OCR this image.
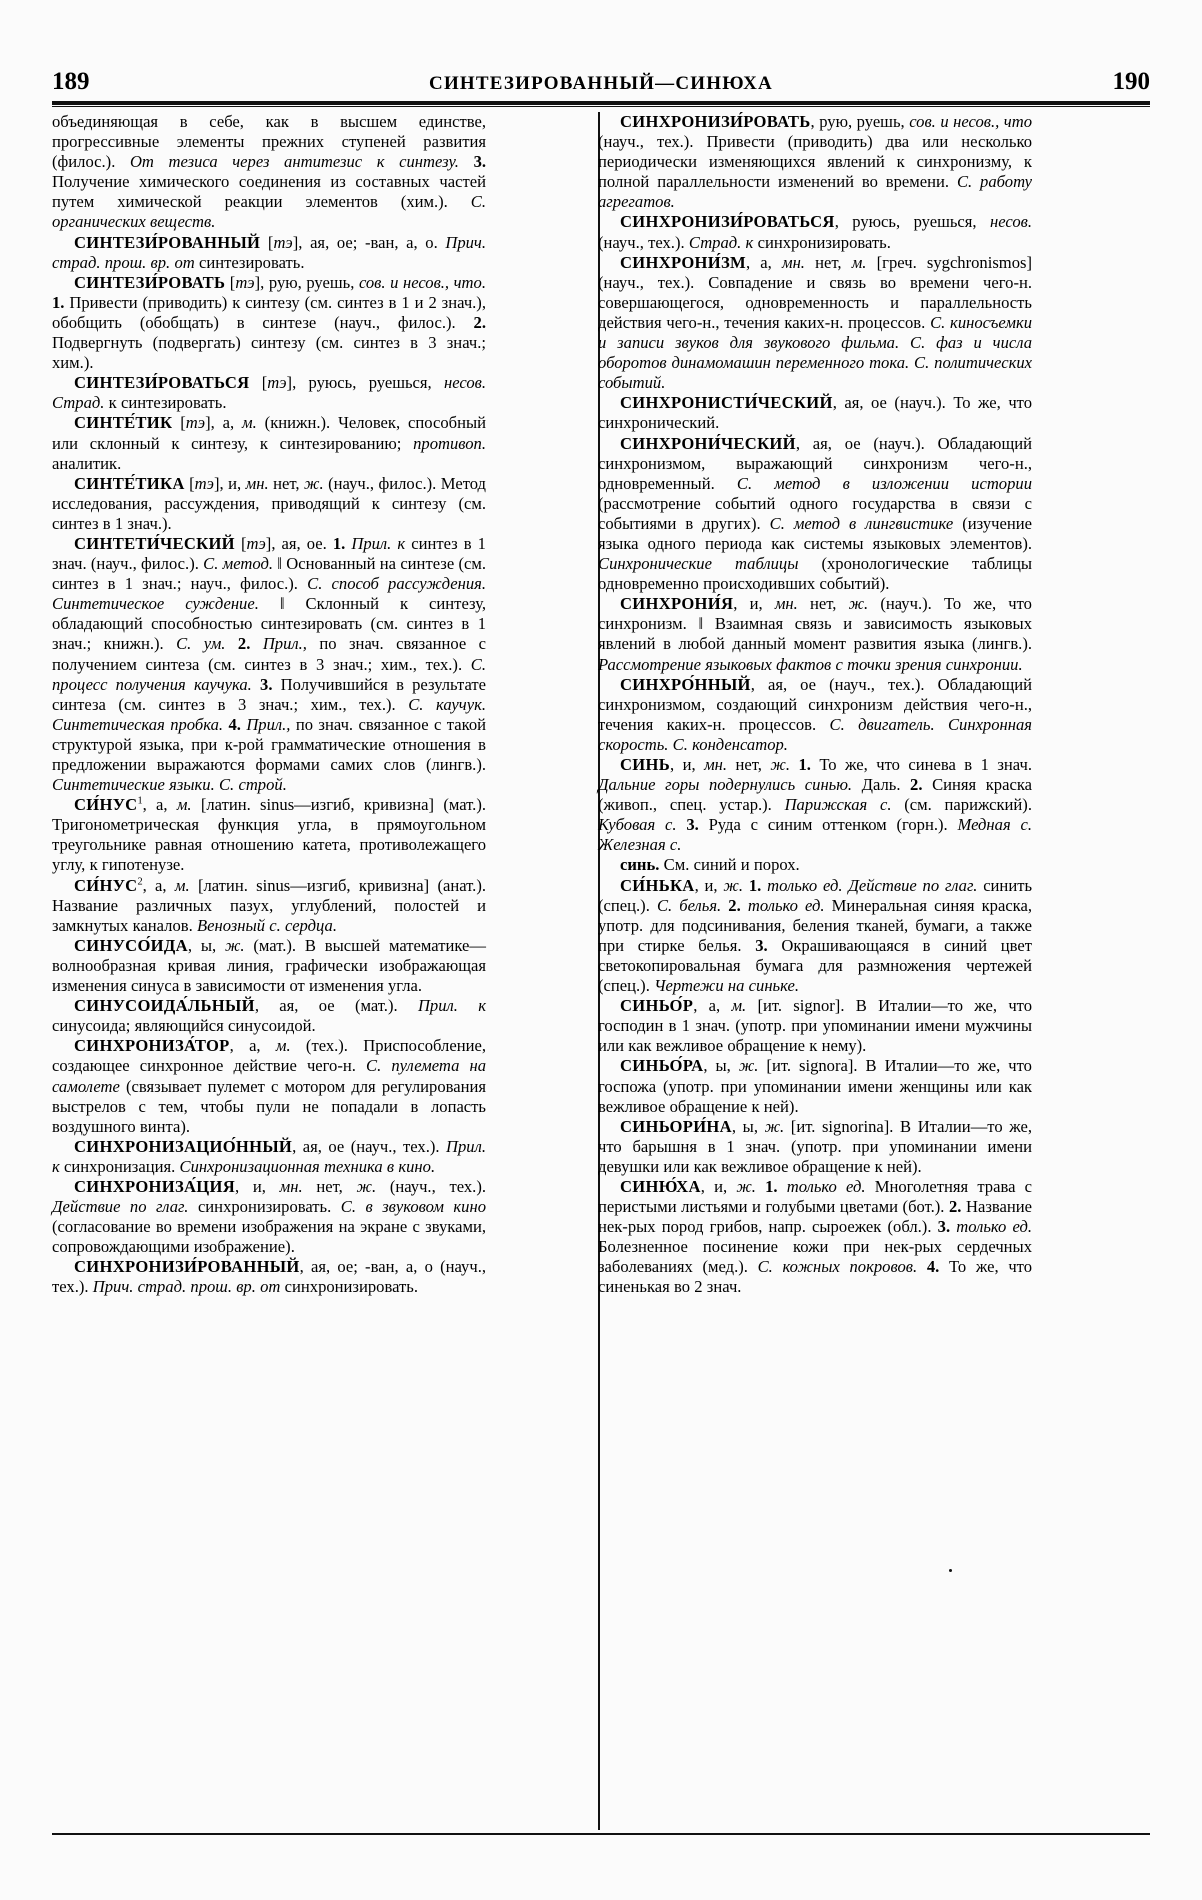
189	СИНТЕЗИРОВАННЫЙ—СИНЮХА	190

объединяющая в себе, как в высшем единстве, прогрессивные элементы прежних ступеней развития (филос.). От тезиса через антитезис к синтезу. 3. Получение химического соединения из составных частей путем химической реакции элементов (хим.). С. органических веществ.

СИНТЕЗИ́РОВАННЫЙ [тэ], ая, ое; -ван, а, о. Прич. страд. прош. вр. от синтезировать.

СИНТЕЗИ́РОВАТЬ [тэ], рую, руешь, сов. и несов., что. 1. Привести (приводить) к синтезу (см. синтез в 1 и 2 знач.), обобщить (обобщать) в синтезе (науч., филос.). 2. Подвергнуть (подвергать) синтезу (см. синтез в 3 знач.; хим.).

СИНТЕЗИ́РОВАТЬСЯ [тэ], руюсь, руешься, несов. Страд. к синтезировать.

СИНТЕ́ТИК [тэ], а, м. (книжн.). Человек, способный или склонный к синтезу, к синтезированию; противоп. аналитик.

СИНТЕ́ТИКА [тэ], и, мн. нет, ж. (науч., филос.). Метод исследования, рассуждения, приводящий к синтезу (см. синтез в 1 знач.).

СИНТЕТИ́ЧЕСКИЙ [тэ], ая, ое. 1. Прил. к синтез в 1 знач. (науч., филос.). С. метод. ‖ Основанный на синтезе (см. синтез в 1 знач.; науч., филос.). С. способ рассуждения. Синтетическое суждение. ‖ Склонный к синтезу, обладающий способностью синтезировать (см. синтез в 1 знач.; книжн.). С. ум. 2. Прил., по знач. связанное с получением синтеза (см. синтез в 3 знач.; хим., тех.). С. процесс получения каучука. 3. Получившийся в результате синтеза (см. синтез в 3 знач.; хим., тех.). С. каучук. Синтетическая пробка. 4. Прил., по знач. связанное с такой структурой языка, при к-рой грамматические отношения в предложении выражаются формами самих слов (лингв.). Синтетические языки. С. строй.

СИ́НУС$^1$, а, м. [латин. sinus—изгиб, кривизна] (мат.). Тригонометрическая функция угла, в прямоугольном треугольнике равная отношению катета, противолежащего углу, к гипотенузе.

СИ́НУС$^2$, а, м. [латин. sinus—изгиб, кривизна] (анат.). Название различных пазух, углублений, полостей и замкнутых каналов. Венозный с. сердца.

СИНУСО́ИДА, ы, ж. (мат.). В высшей математике—волнообразная кривая линия, графически изображающая изменения синуса в зависимости от изменения угла.

СИНУСОИДА́ЛЬНЫЙ, ая, ое (мат.). Прил. к синусоида; являющийся синусоидой.

СИНХРОНИЗА́ТОР, а, м. (тех.). Приспособление, создающее синхронное действие чего-н. С. пулемета на самолете (связывает пулемет с мотором для регулирования выстрелов с тем, чтобы пули не попадали в лопасть воздушного винта).

СИНХРОНИЗАЦИО́ННЫЙ, ая, ое (науч., тех.). Прил. к синхронизация. Синхронизационная техника в кино.

СИНХРОНИЗА́ЦИЯ, и, мн. нет, ж. (науч., тех.). Действие по глаг. синхронизировать. С. в звуковом кино (согласование во времени изображения на экране с звуками, сопровождающими изображение).

СИНХРОНИЗИ́РОВАННЫЙ, ая, ое; -ван, а, о (науч., тех.). Прич. страд. прош. вр. от синхронизировать.

СИНХРОНИЗИ́РОВАТЬ, рую, руешь, сов. и несов., что (науч., тех.). Привести (приводить) два или несколько периодически изменяющихся явлений к синхронизму, к полной параллельности изменений во времени. С. работу агрегатов.

СИНХРОНИЗИ́РОВАТЬСЯ, руюсь, руешься, несов. (науч., тех.). Страд. к синхронизировать.

СИНХРОНИ́ЗМ, а, мн. нет, м. [греч. sygchronismos] (науч., тех.). Совпадение и связь во времени чего-н. совершающегося, одновременность и параллельность действия чего-н., течения каких-н. процессов. С. киносъемки и записи звуков для звукового фильма. С. фаз и числа оборотов динамомашин переменного тока. С. политических событий.

СИНХРОНИСТИ́ЧЕСКИЙ, ая, ое (науч.). То же, что синхронический.

СИНХРОНИ́ЧЕСКИЙ, ая, ое (науч.). Обладающий синхронизмом, выражающий синхронизм чего-н., одновременный. С. метод в изложении истории (рассмотрение событий одного государства в связи с событиями в других). С. метод в лингвистике (изучение языка одного периода как системы языковых элементов). Синхронические таблицы (хронологические таблицы одновременно происходивших событий).

СИНХРОНИ́Я, и, мн. нет, ж. (науч.). То же, что синхронизм. ‖ Взаимная связь и зависимость языковых явлений в любой данный момент развития языка (лингв.). Рассмотрение языковых фактов с точки зрения синхронии.

СИНХРО́ННЫЙ, ая, ое (науч., тех.). Обладающий синхронизмом, создающий синхронизм действия чего-н., течения каких-н. процессов. С. двигатель. Синхронная скорость. С. конденсатор.

СИНЬ, и, мн. нет, ж. 1. То же, что синева в 1 знач. Дальние горы подернулись синью. Даль. 2. Синяя краска (живоп., спец. устар.). Парижская с. (см. парижский). Кубовая с. 3. Руда с синим оттенком (горн.). Медная с. Железная с.

синь. См. синий и порох.

СИ́НЬКА, и, ж. 1. только ед. Действие по глаг. синить (спец.). С. белья. 2. только ед. Минеральная синяя краска, употр. для подсинивания, беления тканей, бумаги, а также при стирке белья. 3. Окрашивающаяся в синий цвет светокопировальная бумага для размножения чертежей (спец.). Чертежи на синьке.

СИНЬО́Р, а, м. [ит. signor]. В Италии—то же, что господин в 1 знач. (употр. при упоминании имени мужчины или как вежливое обращение к нему).

СИНЬО́РА, ы, ж. [ит. signora]. В Италии—то же, что госпожа (употр. при упоминании имени женщины или как вежливое обращение к ней).

СИНЬОРИ́НА, ы, ж. [ит. signorina]. В Италии—то же, что барышня в 1 знач. (употр. при упоминании имени девушки или как вежливое обращение к ней).

СИНЮ́ХА, и, ж. 1. только ед. Многолетняя трава с перистыми листьями и голубыми цветами (бот.). 2. Название нек-рых пород грибов, напр. сыроежек (обл.). 3. только ед. Болезненное посинение кожи при нек-рых сердечных заболеваниях (мед.). С. кожных покровов. 4. То же, что синенькая во 2 знач.
